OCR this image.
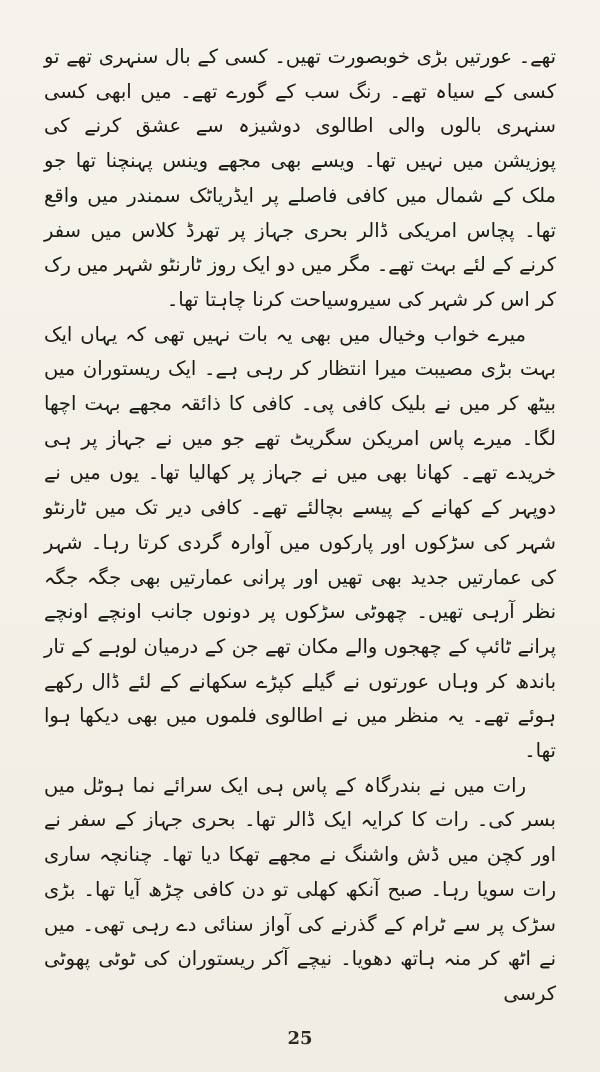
تھے۔ عورتیں بڑی خوبصورت تھیں۔ کسی کے بال سنہری تھے تو کسی کے سیاہ تھے۔ رنگ سب کے گورے تھے۔ میں ابھی کسی سنہری بالوں والی اطالوی دوشیزہ سے عشق کرنے کی پوزیشن میں نہیں تھا۔ ویسے بھی مجھے وینس پہنچنا تھا جو ملک کے شمال میں کافی فاصلے پر ایڈریاٹک سمندر میں واقع تھا۔ پچاس امریکی ڈالر بحری جہاز پر تھرڈ کلاس میں سفر کرنے کے لئے بہت تھے۔ مگر میں دو ایک روز ٹارنٹو شہر میں رک کر اس کر شہر کی سیروسیاحت کرنا چاہتا تھا۔

میرے خواب وخیال میں بھی یہ بات نہیں تھی کہ یہاں ایک بہت بڑی مصیبت میرا انتظار کر رہی ہے۔ ایک ریستوران میں بیٹھ کر میں نے بلیک کافی پی۔ کافی کا ذائقہ مجھے بہت اچھا لگا۔ میرے پاس امریکن سگریٹ تھے جو میں نے جہاز پر ہی خریدے تھے۔ کھانا بھی میں نے جہاز پر کھالیا تھا۔ یوں میں نے دوپہر کے کھانے کے پیسے بچالئے تھے۔ کافی دیر تک میں ٹارنٹو شہر کی سڑکوں اور پارکوں میں آوارہ گردی کرتا رہا۔ شہر کی عمارتیں جدید بھی تھیں اور پرانی عمارتیں بھی جگہ جگہ نظر آرہی تھیں۔ چھوٹی سڑکوں پر دونوں جانب اونچے اونچے پرانے ٹائپ کے چھجوں والے مکان تھے جن کے درمیان لوہے کے تار باندھ کر وہاں عورتوں نے گیلے کپڑے سکھانے کے لئے ڈال رکھے ہوئے تھے۔ یہ منظر میں نے اطالوی فلموں میں بھی دیکھا ہوا تھا۔

رات میں نے بندرگاہ کے پاس ہی ایک سرائے نما ہوٹل میں بسر کی۔ رات کا کرایہ ایک ڈالر تھا۔ بحری جہاز کے سفر نے اور کچن میں ڈش واشنگ نے مجھے تھکا دیا تھا۔ چنانچہ ساری رات سویا رہا۔ صبح آنکھ کھلی تو دن کافی چڑھ آیا تھا۔ بڑی سڑک پر سے ٹرام کے گذرنے کی آواز سنائی دے رہی تھی۔ میں نے اٹھ کر منہ ہاتھ دھویا۔ نیچے آکر ریستوران کی ٹوٹی پھوٹی کرسی

25
